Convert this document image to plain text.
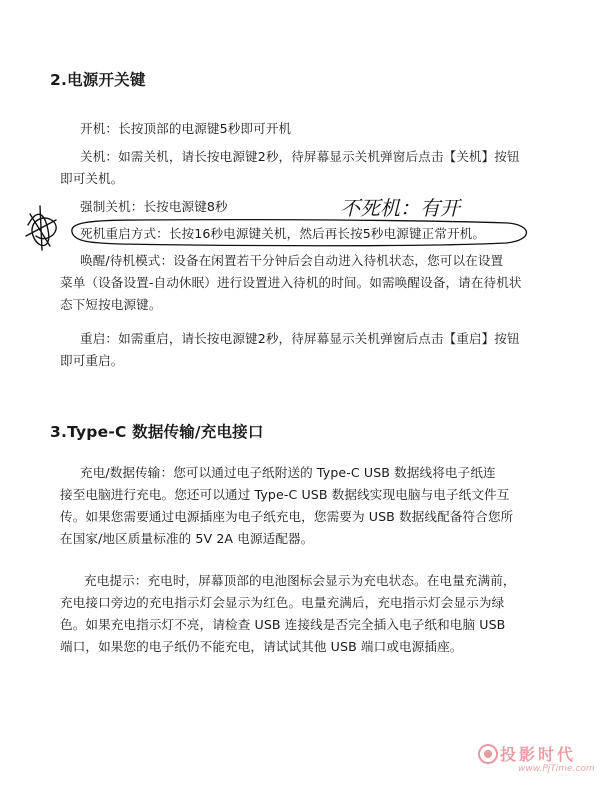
2.电源开关键
开机：长按顶部的电源键5秒即可开机
关机：如需关机，请长按电源键2秒，待屏幕显示关机弹窗后点击【关机】按钮
即可关机。
强制关机：长按电源键8秒
死机重启方式：长按16秒电源键关机，然后再长按5秒电源键正常开机。
唤醒/待机模式：设备在闲置若干分钟后会自动进入待机状态，您可以在设置
菜单（设备设置-自动休眠）进行设置进入待机的时间。如需唤醒设备，请在待机状
态下短按电源键。
重启：如需重启，请长按电源键2秒，待屏幕显示关机弹窗后点击【重启】按钮
即可重启。
3.Type-C 数据传输/充电接口
充电/数据传输：您可以通过电子纸附送的 Type-C USB 数据线将电子纸连
接至电脑进行充电。您还可以通过 Type-C USB 数据线实现电脑与电子纸文件互
传。如果您需要通过电源插座为电子纸充电，您需要为 USB 数据线配备符合您所
在国家/地区质量标准的 5V 2A 电源适配器。
充电提示：充电时，屏幕顶部的电池图标会显示为充电状态。在电量充满前，
充电接口旁边的充电指示灯会显示为红色。电量充满后，充电指示灯会显示为绿
色。如果充电指示灯不亮，请检查 USB 连接线是否完全插入电子纸和电脑 USB
端口，如果您的电子纸仍不能充电，请试试其他 USB 端口或电源插座。
不死机：有开
投影时代
www.PjTime.com
